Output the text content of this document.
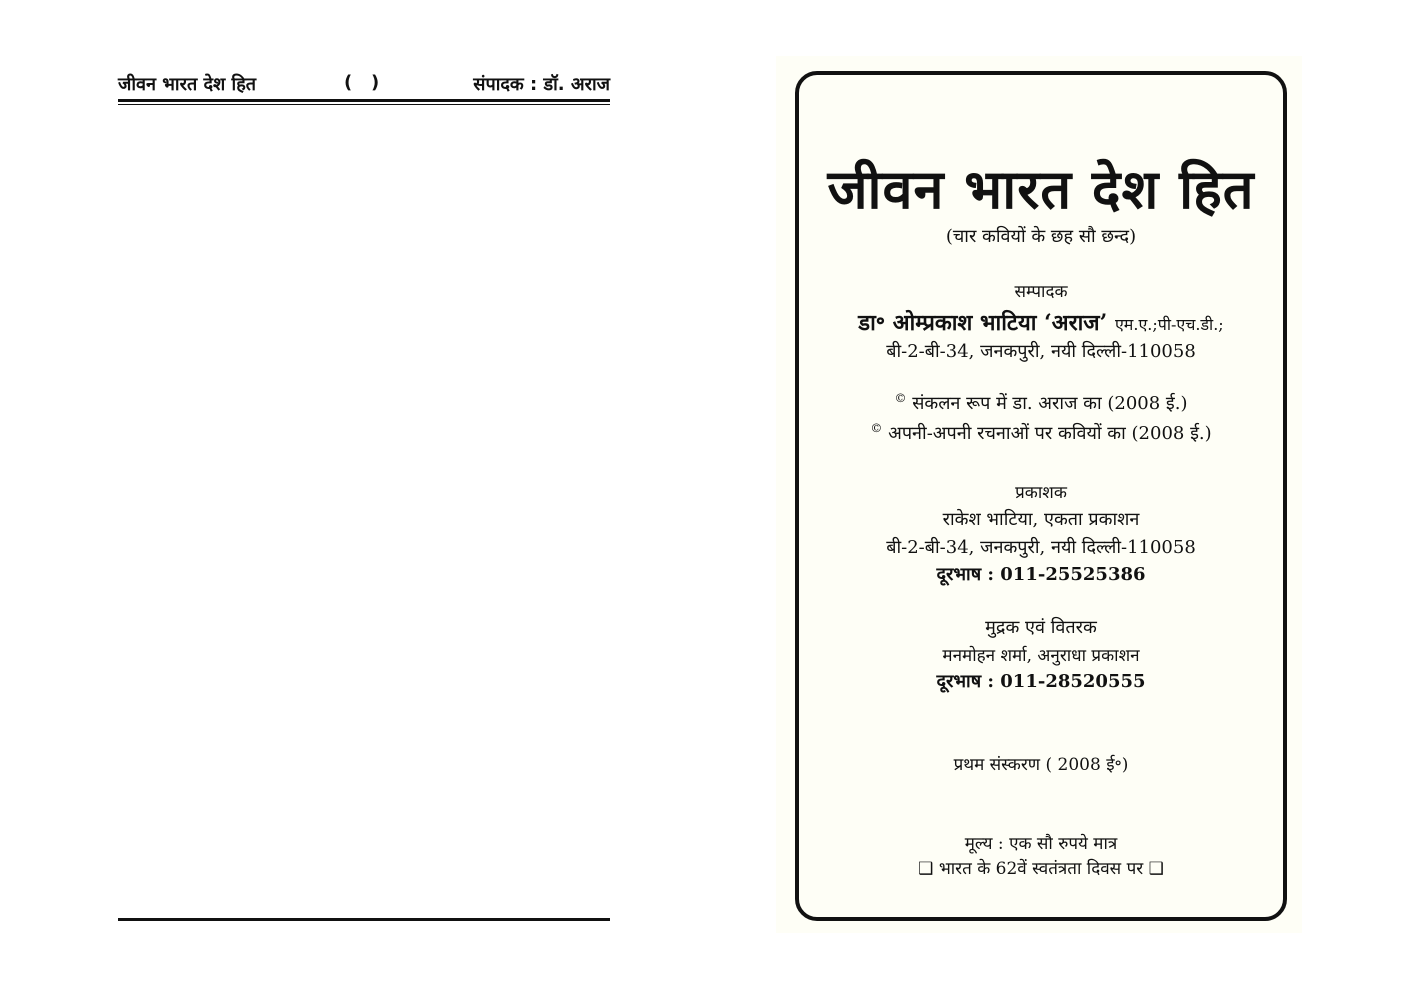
जीवन भारत देश हित	(   )	संपादक : डॉ. अराज
जीवन भारत देश हित
(चार कवियों के छह सौ छन्द)
सम्पादक
डा॰ ओम्प्रकाश भाटिया ‘अराज’ एम.ए.;पी-एच.डी.;
बी-2-बी-34, जनकपुरी, नयी दिल्ली-110058
© संकलन रूप में डा. अराज का (2008 ई.)
© अपनी-अपनी रचनाओं पर कवियों का (2008 ई.)
प्रकाशक
राकेश भाटिया, एकता प्रकाशन
बी-2-बी-34, जनकपुरी, नयी दिल्ली-110058
दूरभाष : 011-25525386
मुद्रक एवं वितरक
मनमोहन शर्मा, अनुराधा प्रकाशन
दूरभाष : 011-28520555
प्रथम संस्करण ( 2008 ई॰)
मूल्य : एक सौ रुपये मात्र
❑ भारत के 62वें स्वतंत्रता दिवस पर ❑
